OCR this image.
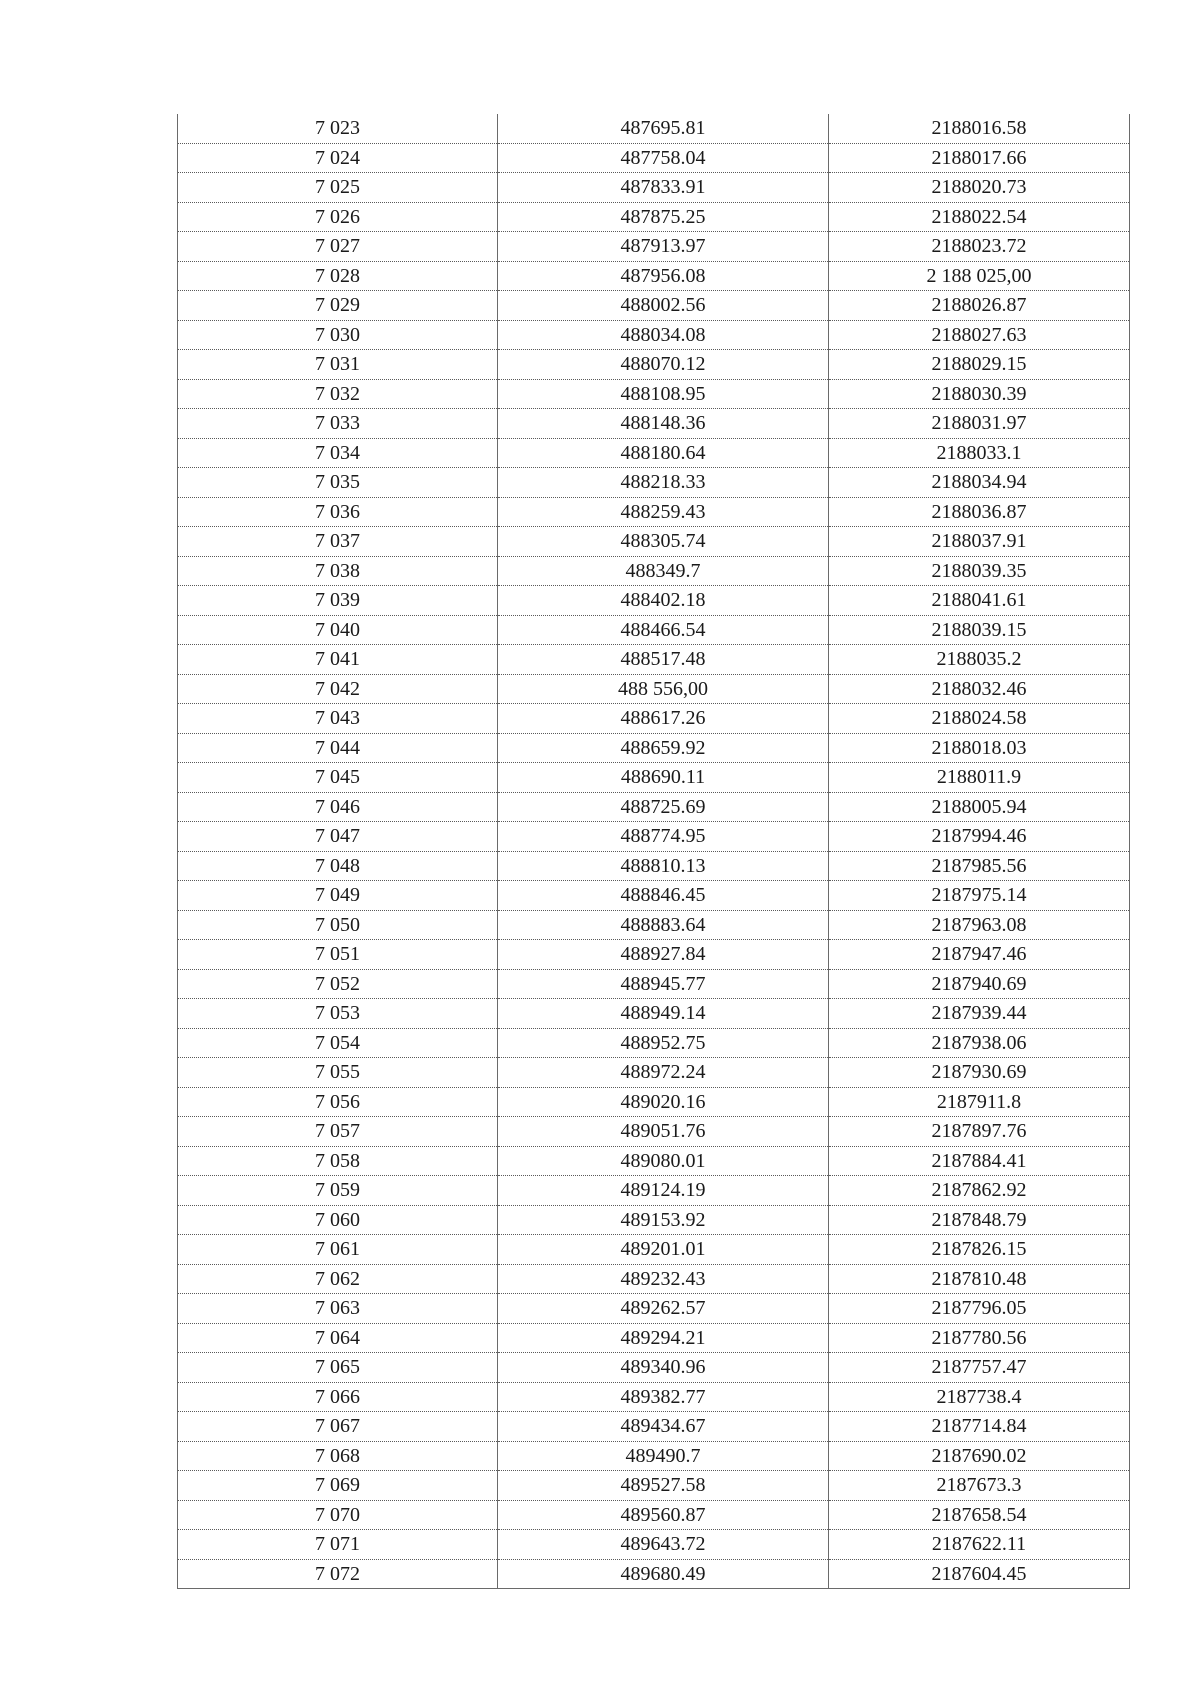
7 023	487695.81	2188016.58
7 024	487758.04	2188017.66
7 025	487833.91	2188020.73
7 026	487875.25	2188022.54
7 027	487913.97	2188023.72
7 028	487956.08	2 188 025,00
7 029	488002.56	2188026.87
7 030	488034.08	2188027.63
7 031	488070.12	2188029.15
7 032	488108.95	2188030.39
7 033	488148.36	2188031.97
7 034	488180.64	2188033.1
7 035	488218.33	2188034.94
7 036	488259.43	2188036.87
7 037	488305.74	2188037.91
7 038	488349.7	2188039.35
7 039	488402.18	2188041.61
7 040	488466.54	2188039.15
7 041	488517.48	2188035.2
7 042	488 556,00	2188032.46
7 043	488617.26	2188024.58
7 044	488659.92	2188018.03
7 045	488690.11	2188011.9
7 046	488725.69	2188005.94
7 047	488774.95	2187994.46
7 048	488810.13	2187985.56
7 049	488846.45	2187975.14
7 050	488883.64	2187963.08
7 051	488927.84	2187947.46
7 052	488945.77	2187940.69
7 053	488949.14	2187939.44
7 054	488952.75	2187938.06
7 055	488972.24	2187930.69
7 056	489020.16	2187911.8
7 057	489051.76	2187897.76
7 058	489080.01	2187884.41
7 059	489124.19	2187862.92
7 060	489153.92	2187848.79
7 061	489201.01	2187826.15
7 062	489232.43	2187810.48
7 063	489262.57	2187796.05
7 064	489294.21	2187780.56
7 065	489340.96	2187757.47
7 066	489382.77	2187738.4
7 067	489434.67	2187714.84
7 068	489490.7	2187690.02
7 069	489527.58	2187673.3
7 070	489560.87	2187658.54
7 071	489643.72	2187622.11
7 072	489680.49	2187604.45
